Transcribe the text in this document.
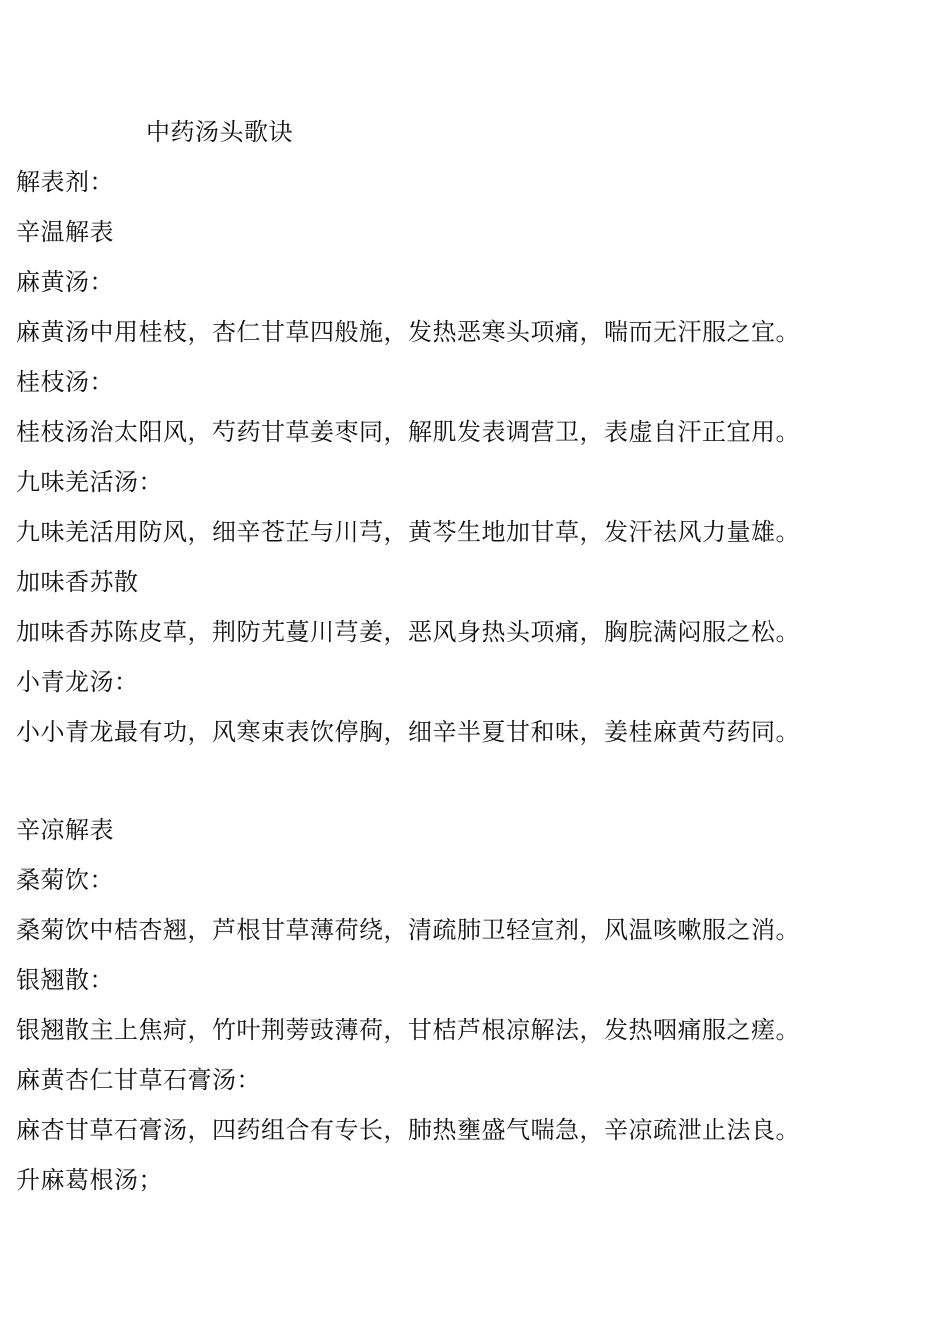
中药汤头歌诀
解表剂：
辛温解表
麻黄汤：
麻黄汤中用桂枝，杏仁甘草四般施，发热恶寒头项痛，喘而无汗服之宜。
桂枝汤：
桂枝汤治太阳风，芍药甘草姜枣同，解肌发表调营卫，表虚自汗正宜用。
九味羌活汤：
九味羌活用防风，细辛苍芷与川芎，黄芩生地加甘草，发汗祛风力量雄。
加味香苏散
加味香苏陈皮草，荆防艽蔓川芎姜，恶风身热头项痛，胸脘满闷服之松。
小青龙汤：
小小青龙最有功，风寒束表饮停胸，细辛半夏甘和味，姜桂麻黄芍药同。
辛凉解表
桑菊饮：
桑菊饮中桔杏翘，芦根甘草薄荷绕，清疏肺卫轻宣剂，风温咳嗽服之消。
银翘散：
银翘散主上焦疴，竹叶荆蒡豉薄荷，甘桔芦根凉解法，发热咽痛服之瘥。
麻黄杏仁甘草石膏汤：
麻杏甘草石膏汤，四药组合有专长，肺热壅盛气喘急，辛凉疏泄止法良。
升麻葛根汤；
